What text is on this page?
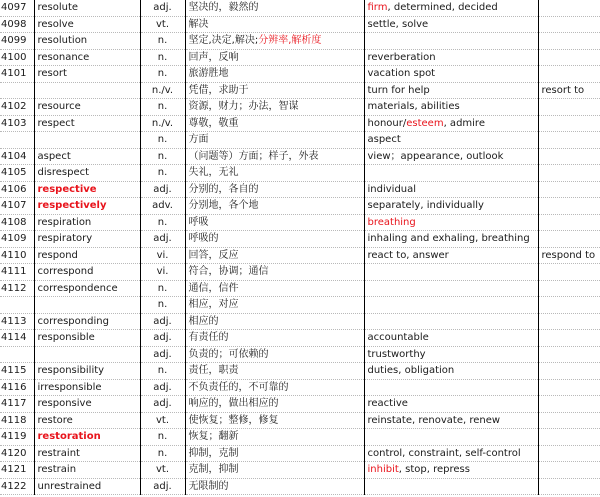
4097	resolute	adj.	坚决的，毅然的	firm, determined, decided	
4098	resolve	vt.	解决	settle, solve	
4099	resolution	n.	坚定,决定,解决;分辨率,解析度		
4100	resonance	n.	回声，反响	reverberation	
4101	resort	n.	旅游胜地	vacation spot	
		n./v.	凭借，求助于	turn for help	resort to
4102	resource	n.	资源，财力；办法，智谋	materials, abilities	
4103	respect	n./v.	尊敬，敬重	honour/esteem, admire	
		n.	方面	aspect	
4104	aspect	n.	（问题等）方面；样子，外表	view；appearance, outlook	
4105	disrespect	n.	失礼，无礼		
4106	respective	adj.	分别的，各自的	individual	
4107	respectively	adv.	分别地，各个地	separately, individually	
4108	respiration	n.	呼吸	breathing	
4109	respiratory	adj.	呼吸的	inhaling and exhaling, breathing	
4110	respond	vi.	回答，反应	react to, answer	respond to
4111	correspond	vi.	符合，协调；通信		
4112	correspondence	n.	通信，信件		
		n.	相应，对应		
4113	corresponding	adj.	相应的		
4114	responsible	adj.	有责任的	accountable	
		adj.	负责的；可依赖的	trustworthy	
4115	responsibility	n.	责任，职责	duties, obligation	
4116	irresponsible	adj.	不负责任的，不可靠的		
4117	responsive	adj.	响应的，做出相应的	reactive	
4118	restore	vt.	使恢复；整修，修复	reinstate, renovate, renew	
4119	restoration	n.	恢复；翻新		
4120	restraint	n.	抑制，克制	control, constraint, self-control	
4121	restrain	vt.	克制，抑制	inhibit, stop, repress	
4122	unrestrained	adj.	无限制的		
